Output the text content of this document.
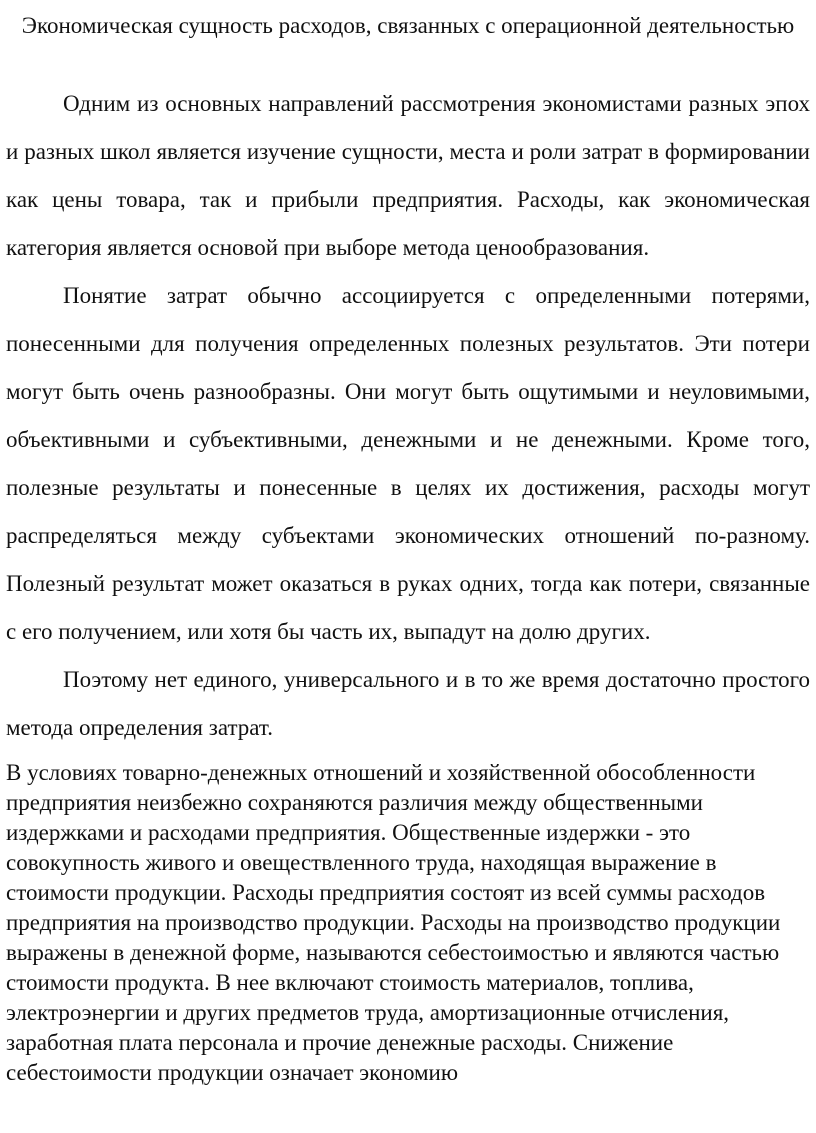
Экономическая сущность расходов, связанных с операционной деятельностью

Одним из основных направлений рассмотрения экономистами разных эпох и разных школ является изучение сущности, места и роли затрат в формировании как цены товара, так и прибыли предприятия. Расходы, как экономическая категория является основой при выборе метода ценообразования.

Понятие затрат обычно ассоциируется с определенными потерями, понесенными для получения определенных полезных результатов. Эти потери могут быть очень разнообразны. Они могут быть ощутимыми и неуловимыми, объективными и субъективными, денежными и не денежными. Кроме того, полезные результаты и понесенные в целях их достижения, расходы могут распределяться между субъектами экономических отношений по-разному. Полезный результат может оказаться в руках одних, тогда как потери, связанные с его получением, или хотя бы часть их, выпадут на долю других.

Поэтому нет единого, универсального и в то же время достаточно простого метода определения затрат.

В условиях товарно-денежных отношений и хозяйственной обособленности предприятия неизбежно сохраняются различия между общественными издержками и расходами предприятия. Общественные издержки - это совокупность живого и овеществленного труда, находящая выражение в стоимости продукции. Расходы предприятия состоят из всей суммы расходов предприятия на производство продукции. Расходы на производство продукции выражены в денежной форме, называются себестоимостью и являются частью стоимости продукта. В нее включают стоимость материалов, топлива, электроэнергии и других предметов труда, амортизационные отчисления, заработная плата персонала и прочие денежные расходы. Снижение себестоимости продукции означает экономию
